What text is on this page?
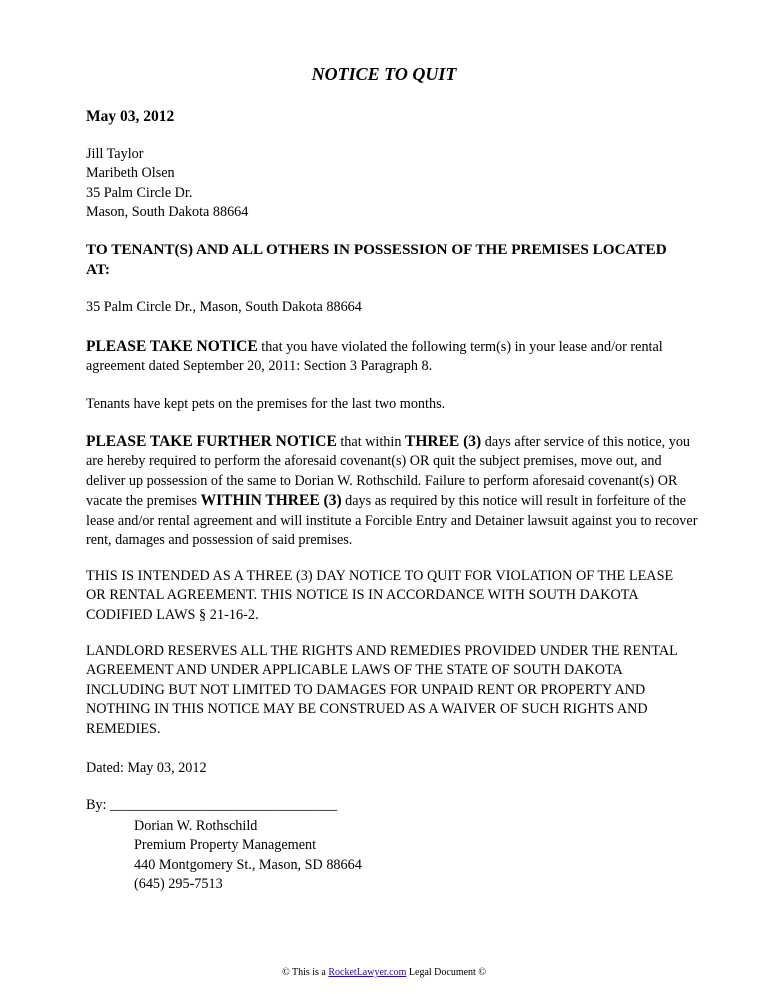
NOTICE TO QUIT
May 03, 2012
Jill Taylor
Maribeth Olsen
35 Palm Circle Dr.
Mason, South Dakota 88664
TO TENANT(S) AND ALL OTHERS IN POSSESSION OF THE PREMISES LOCATED AT:
35 Palm Circle Dr., Mason, South Dakota 88664
PLEASE TAKE NOTICE that you have violated the following term(s) in your lease and/or rental agreement dated September 20, 2011: Section 3 Paragraph 8.
Tenants have kept pets on the premises for the last two months.
PLEASE TAKE FURTHER NOTICE that within THREE (3) days after service of this notice, you are hereby required to perform the aforesaid covenant(s) OR quit the subject premises, move out, and deliver up possession of the same to Dorian W. Rothschild. Failure to perform aforesaid covenant(s) OR vacate the premises WITHIN THREE (3) days as required by this notice will result in forfeiture of the lease and/or rental agreement and will institute a Forcible Entry and Detainer lawsuit against you to recover rent, damages and possession of said premises.
THIS IS INTENDED AS A THREE (3) DAY NOTICE TO QUIT FOR VIOLATION OF THE LEASE OR RENTAL AGREEMENT. THIS NOTICE IS IN ACCORDANCE WITH SOUTH DAKOTA CODIFIED LAWS § 21-16-2.
LANDLORD RESERVES ALL THE RIGHTS AND REMEDIES PROVIDED UNDER THE RENTAL AGREEMENT AND UNDER APPLICABLE LAWS OF THE STATE OF SOUTH DAKOTA INCLUDING BUT NOT LIMITED TO DAMAGES FOR UNPAID RENT OR PROPERTY AND NOTHING IN THIS NOTICE MAY BE CONSTRUED AS A WAIVER OF SUCH RIGHTS AND REMEDIES.
Dated: May 03, 2012
By: ________________________________
Dorian W. Rothschild
Premium Property Management
440 Montgomery St., Mason, SD 88664
(645) 295-7513
© This is a RocketLawyer.com Legal Document ©
